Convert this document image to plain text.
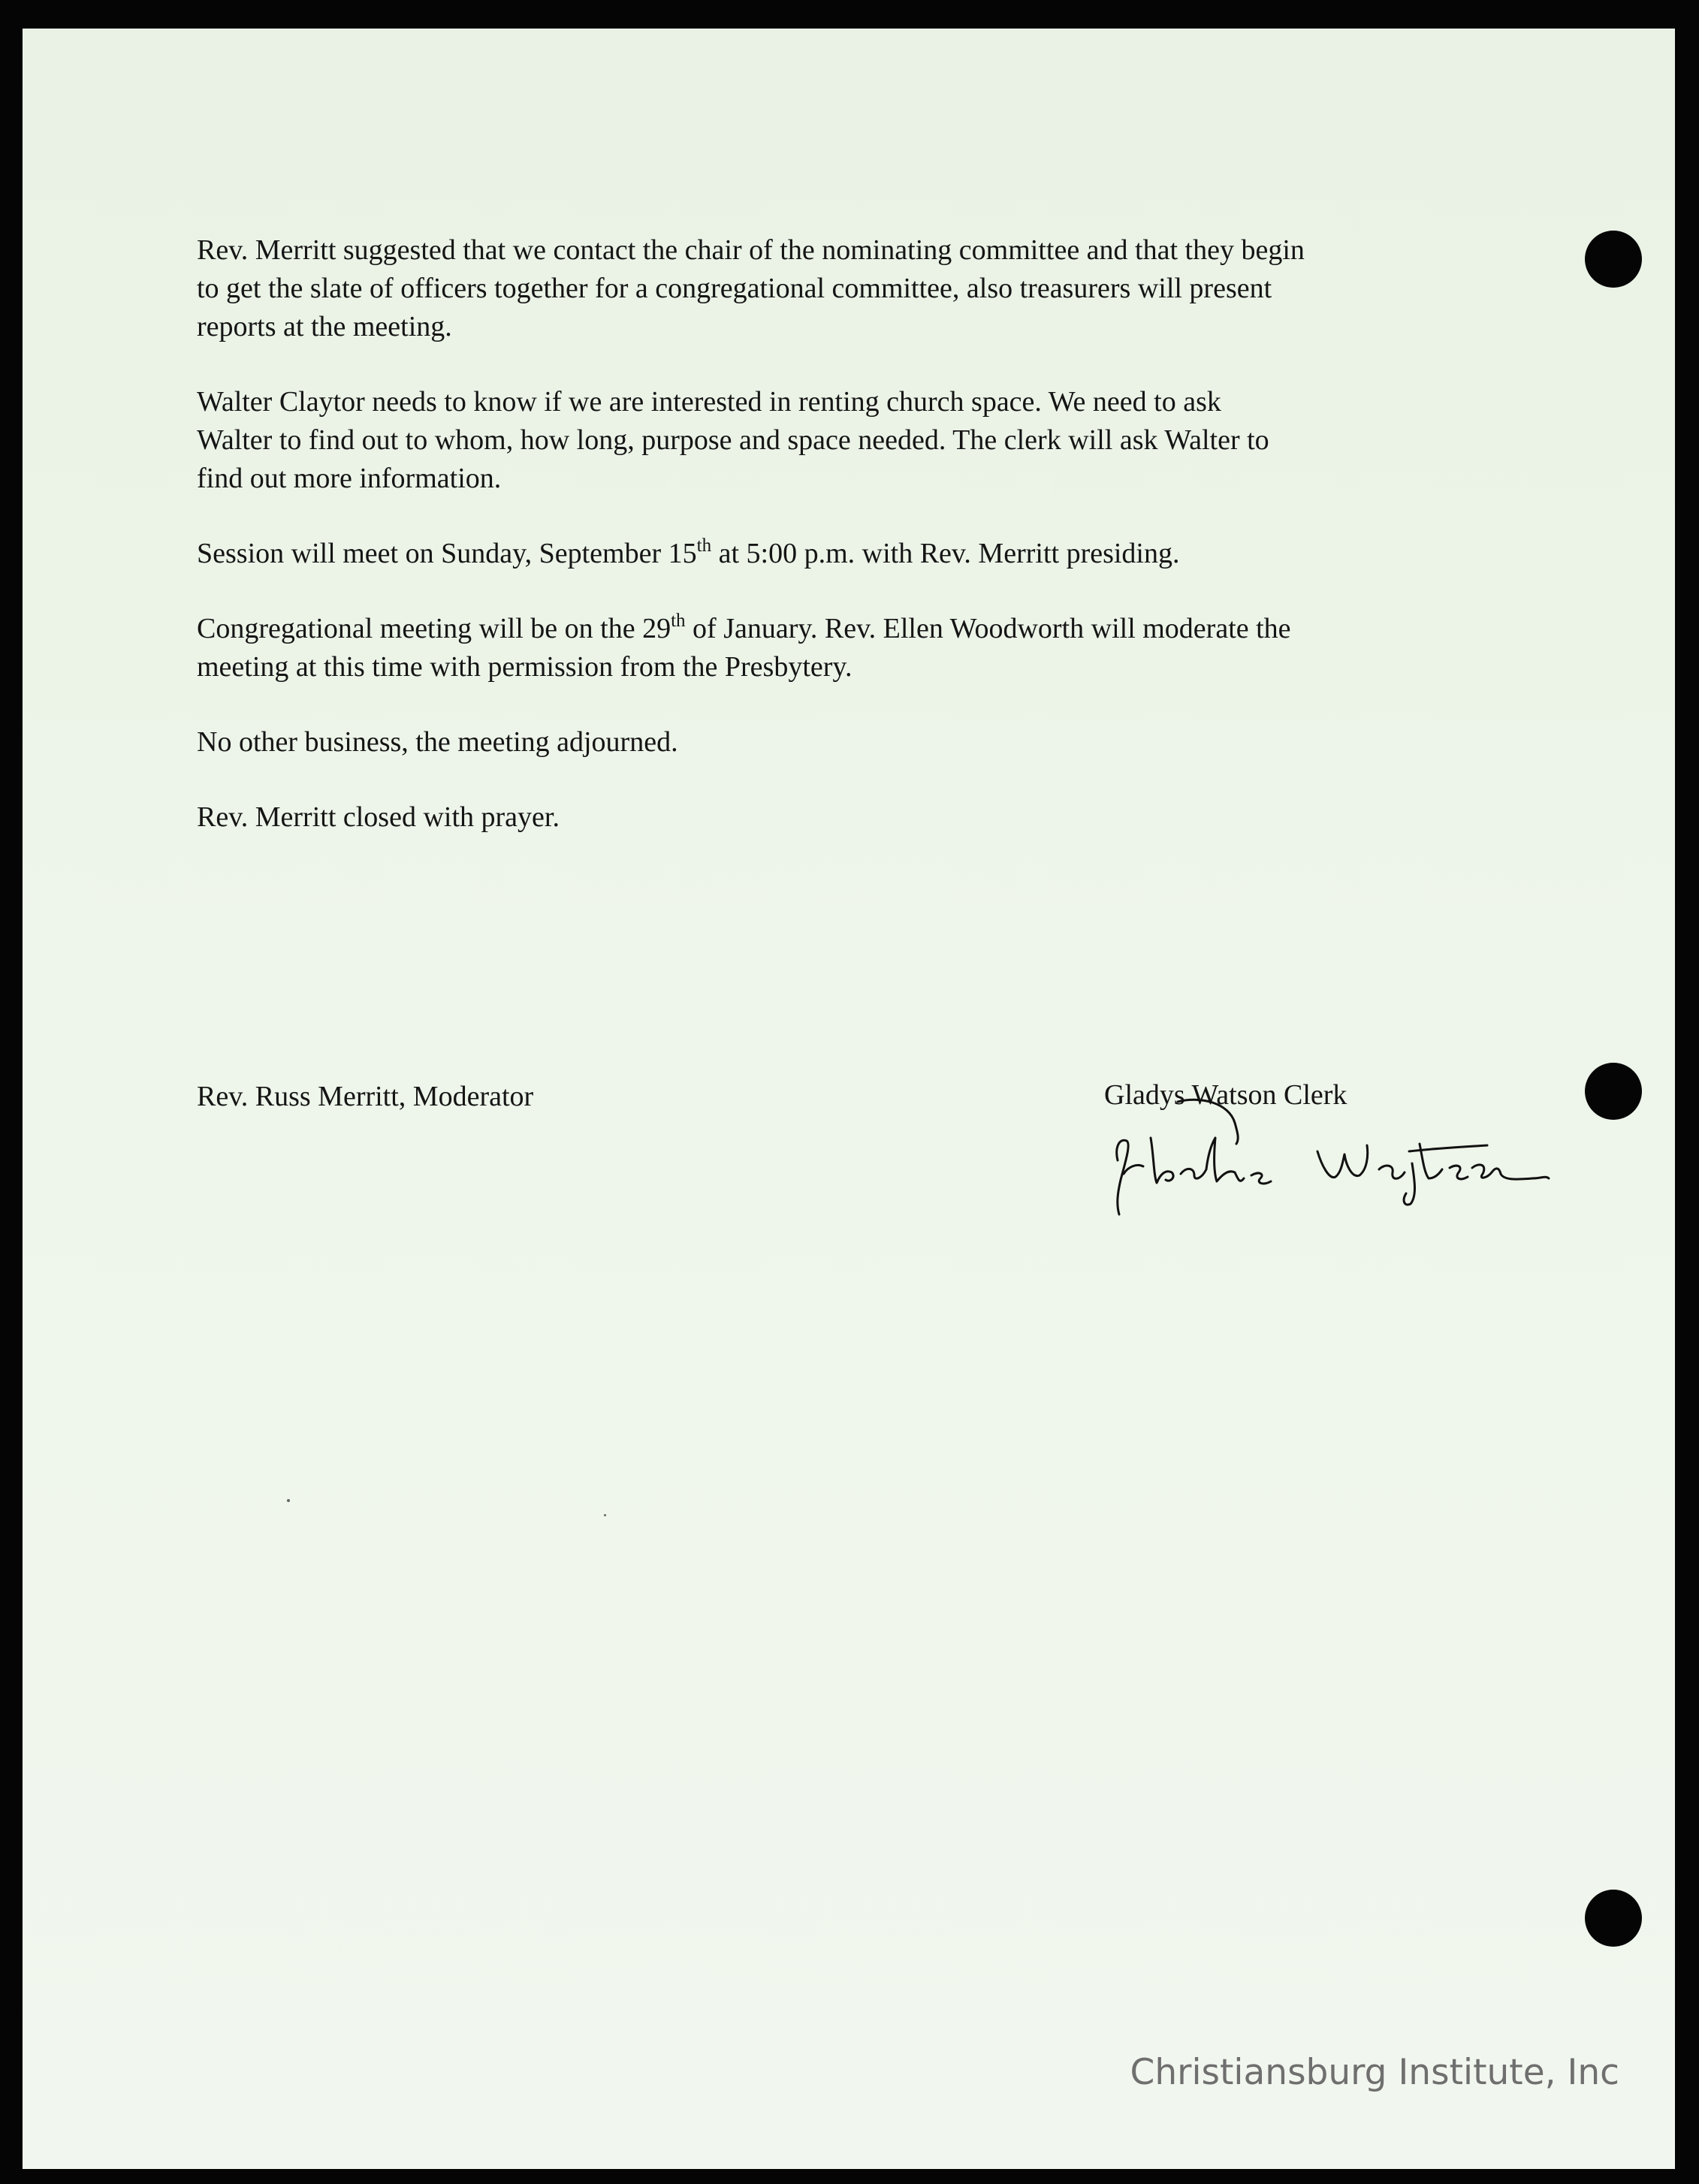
Rev. Merritt suggested that we contact the chair of the nominating committee and that they begin
to get the slate of officers together for a congregational committee, also treasurers will present
reports at the meeting.

Walter Claytor needs to know if we are interested in renting church space. We need to ask
Walter to find out to whom, how long, purpose and space needed. The clerk will ask Walter to
find out more information.

Session will meet on Sunday, September 15th at 5:00 p.m. with Rev. Merritt presiding.

Congregational meeting will be on the 29th of January. Rev. Ellen Woodworth will moderate the
meeting at this time with permission from the Presbytery.

No other business, the meeting adjourned.

Rev. Merritt closed with prayer.

Rev. Russ Merritt, Moderator	Gladys Watson Clerk
Christiansburg Institute, Inc
